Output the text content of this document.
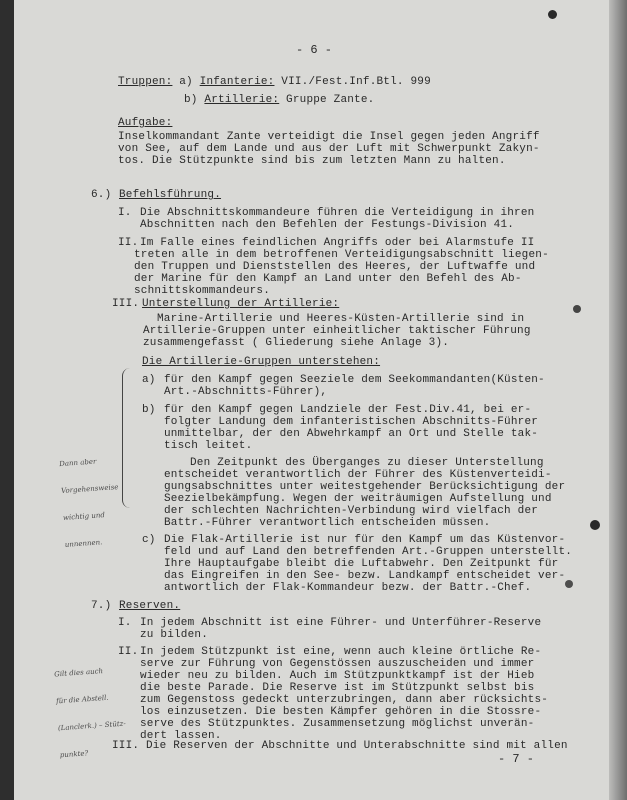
- 6 -
Truppen: a) Infanterie: VII./Fest.Inf.Btl. 999
b) Artillerie: Gruppe Zante.
Aufgabe:
Inselkommandant Zante verteidigt die Insel gegen jeden Angriff
von See, auf dem Lande und aus der Luft mit Schwerpunkt Zakyn-
tos. Die Stützpunkte sind bis zum letzten Mann zu halten.
6.) Befehlsführung.
I. Die Abschnittskommandeure führen die Verteidigung in ihren
Abschnitten nach den Befehlen der Festungs-Division 41.
II. Im Falle eines feindlichen Angriffs oder bei Alarmstufe II
treten alle in dem betroffenen Verteidigungsabschnitt liegen-
den Truppen und Dienststellen des Heeres, der Luftwaffe und
der Marine für den Kampf an Land unter den Befehl des Ab-
schnittskommandeurs.
III. Unterstellung der Artillerie:
Marine-Artillerie und Heeres-Küsten-Artillerie sind in
Artillerie-Gruppen unter einheitlicher taktischer Führung
zusammengefasst ( Gliederung siehe Anlage 3).
Die Artillerie-Gruppen unterstehen:
a) für den Kampf gegen Seeziele dem Seekommandanten(Küsten-
Art.-Abschnitts-Führer),
b) für den Kampf gegen Landziele der Fest.Div.41, bei er-
folgter Landung dem infanteristischen Abschnitts-Führer
unmittelbar, der den Abwehrkampf an Ort und Stelle tak-
tisch leitet.
Den Zeitpunkt des Überganges zu dieser Unterstellung
entscheidet verantwortlich der Führer des Küstenverteidi-
gungsabschnittes unter weitestgehender Berücksichtigung der
Seezielbekämpfung. Wegen der weiträumigen Aufstellung und
der schlechten Nachrichten-Verbindung wird vielfach der
Battr.-Führer verantwortlich entscheiden müssen.
c) Die Flak-Artillerie ist nur für den Kampf um das Küstenvor-
feld und auf Land den betreffenden Art.-Gruppen unterstellt.
Ihre Hauptaufgabe bleibt die Luftabwehr. Den Zeitpunkt für
das Eingreifen in den See- bezw. Landkampf entscheidet ver-
antwortlich der Flak-Kommandeur bezw. der Battr.-Chef.
7.) Reserven.
I. In jedem Abschnitt ist eine Führer- und Unterführer-Reserve
zu bilden.
II. In jedem Stützpunkt ist eine, wenn auch kleine örtliche Re-
serve zur Führung von Gegenstössen auszuscheiden und immer
wieder neu zu bilden. Auch im Stützpunktkampf ist der Hieb
die beste Parade. Die Reserve ist im Stützpunkt selbst bis
zum Gegenstoss gedeckt unterzubringen, dann aber rücksichts-
los einzusetzen. Die besten Kämpfer gehören in die Stossre-
serve des Stützpunktes. Zusammensetzung möglichst unverän-
dert lassen.
III. Die Reserven der Abschnitte und Unterabschnitte sind mit allen
- 7 -

Dann aber

Vorgehensweise

wichtig und

unnennen.

Gilt dies auch

für die Abstell.

(Lanclerk.) – Stütz-

punkte?
